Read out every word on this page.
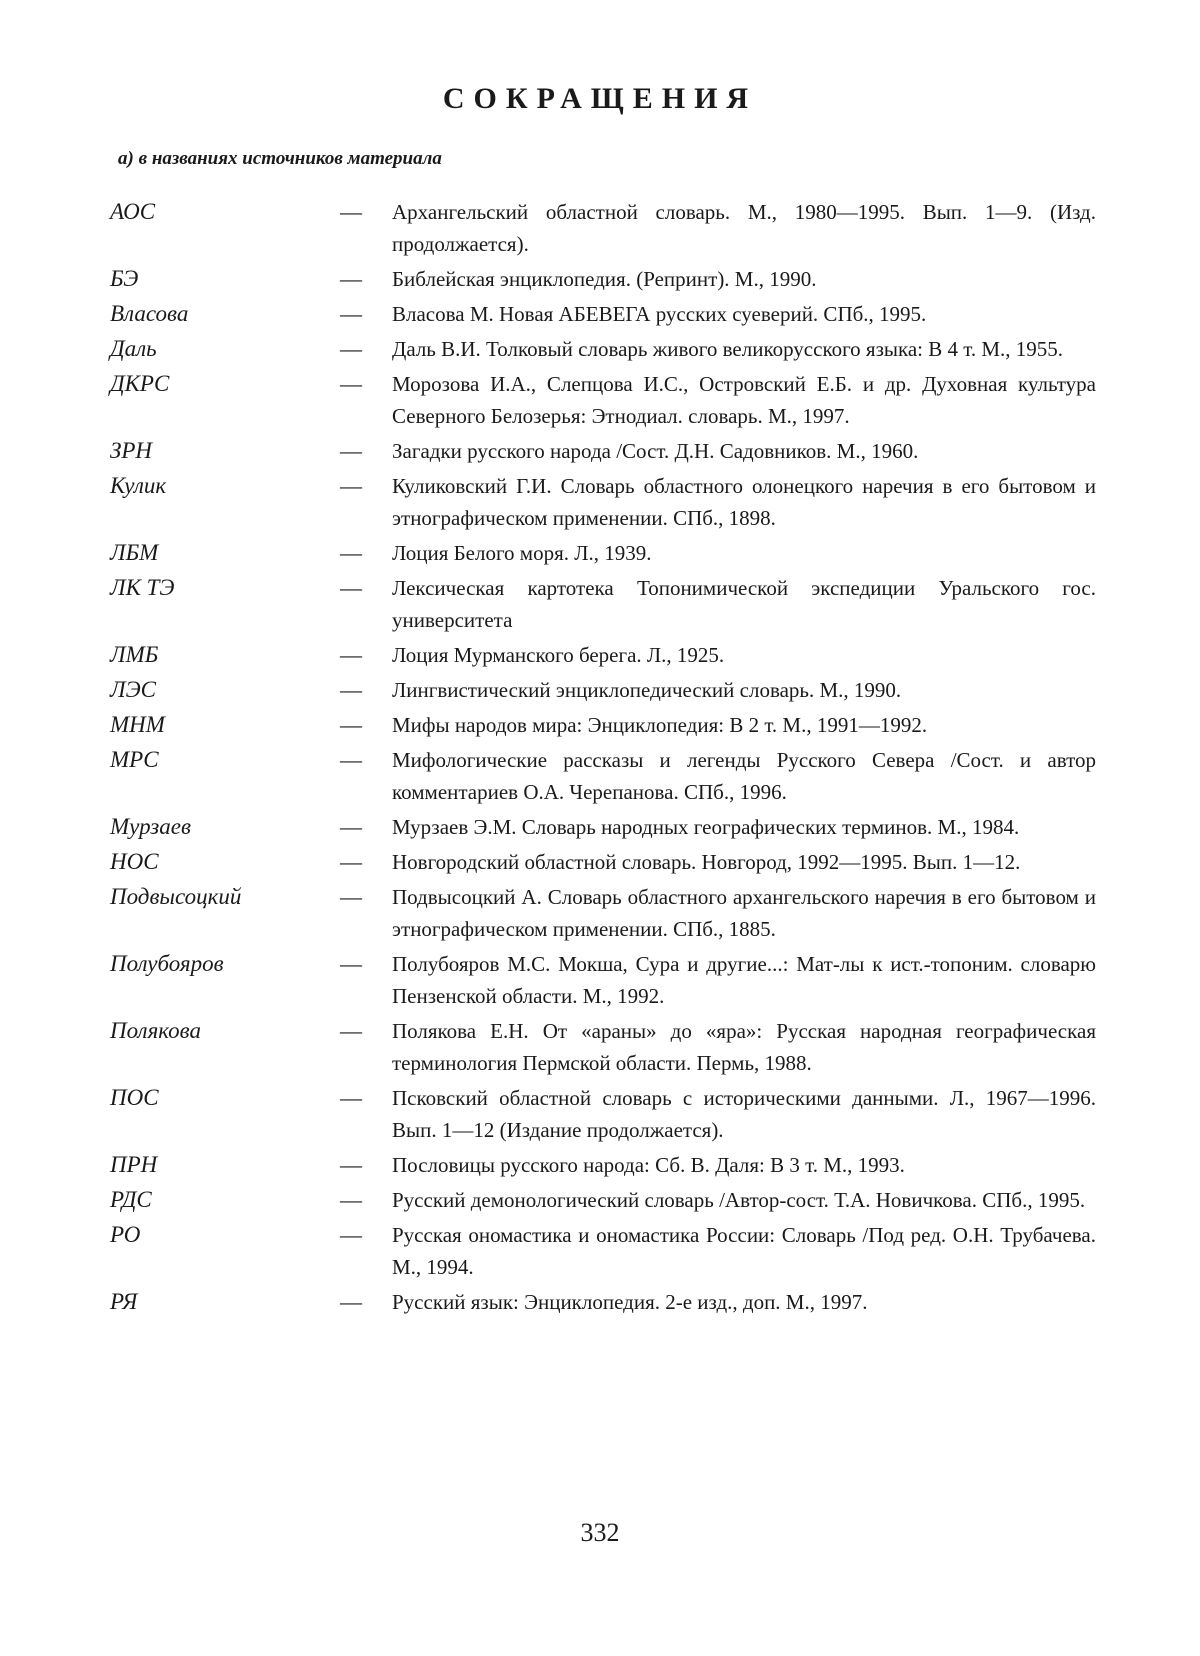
СОКРАЩЕНИЯ
а) в названиях источников материала
АОС	—	Архангельский областной словарь. М., 1980—1995. Вып. 1—9. (Изд. продолжается).
БЭ	—	Библейская энциклопедия. (Репринт). М., 1990.
Власова	—	Власова М. Новая АБЕВЕГА русских суеверий. СПб., 1995.
Даль	—	Даль В.И. Толковый словарь живого великорусского языка: В 4 т. М., 1955.
ДКРС	—	Морозова И.А., Слепцова И.С., Островский Е.Б. и др. Духовная культура Северного Белозерья: Этнодиал. словарь. М., 1997.
ЗРН	—	Загадки русского народа /Сост. Д.Н. Садовников. М., 1960.
Кулик	—	Куликовский Г.И. Словарь областного олонецкого наречия в его бытовом и этнографическом применении. СПб., 1898.
ЛБМ	—	Лоция Белого моря. Л., 1939.
ЛК ТЭ	—	Лексическая картотека Топонимической экспедиции Уральского гос. университета
ЛМБ	—	Лоция Мурманского берега. Л., 1925.
ЛЭС	—	Лингвистический энциклопедический словарь. М., 1990.
МНМ	—	Мифы народов мира: Энциклопедия: В 2 т. М., 1991—1992.
МРС	—	Мифологические рассказы и легенды Русского Севера /Сост. и автор комментариев О.А. Черепанова. СПб., 1996.
Мурзаев	—	Мурзаев Э.М. Словарь народных географических терминов. М., 1984.
НОС	—	Новгородский областной словарь. Новгород, 1992—1995. Вып. 1—12.
Подвысоцкий	—	Подвысоцкий А. Словарь областного архангельского наречия в его бытовом и этнографическом применении. СПб., 1885.
Полубояров	—	Полубояров М.С. Мокша, Сура и другие...: Мат-лы к ист.-топоним. словарю Пензенской области. М., 1992.
Полякова	—	Полякова Е.Н. От «араны» до «яра»: Русская народная географическая терминология Пермской области. Пермь, 1988.
ПОС	—	Псковский областной словарь с историческими данными. Л., 1967—1996. Вып. 1—12 (Издание продолжается).
ПРН	—	Пословицы русского народа: Сб. В. Даля: В 3 т. М., 1993.
РДС	—	Русский демонологический словарь /Автор-сост. Т.А. Новичкова. СПб., 1995.
РО	—	Русская ономастика и ономастика России: Словарь /Под ред. О.Н. Трубачева. М., 1994.
РЯ	—	Русский язык: Энциклопедия. 2-е изд., доп. М., 1997.
332
